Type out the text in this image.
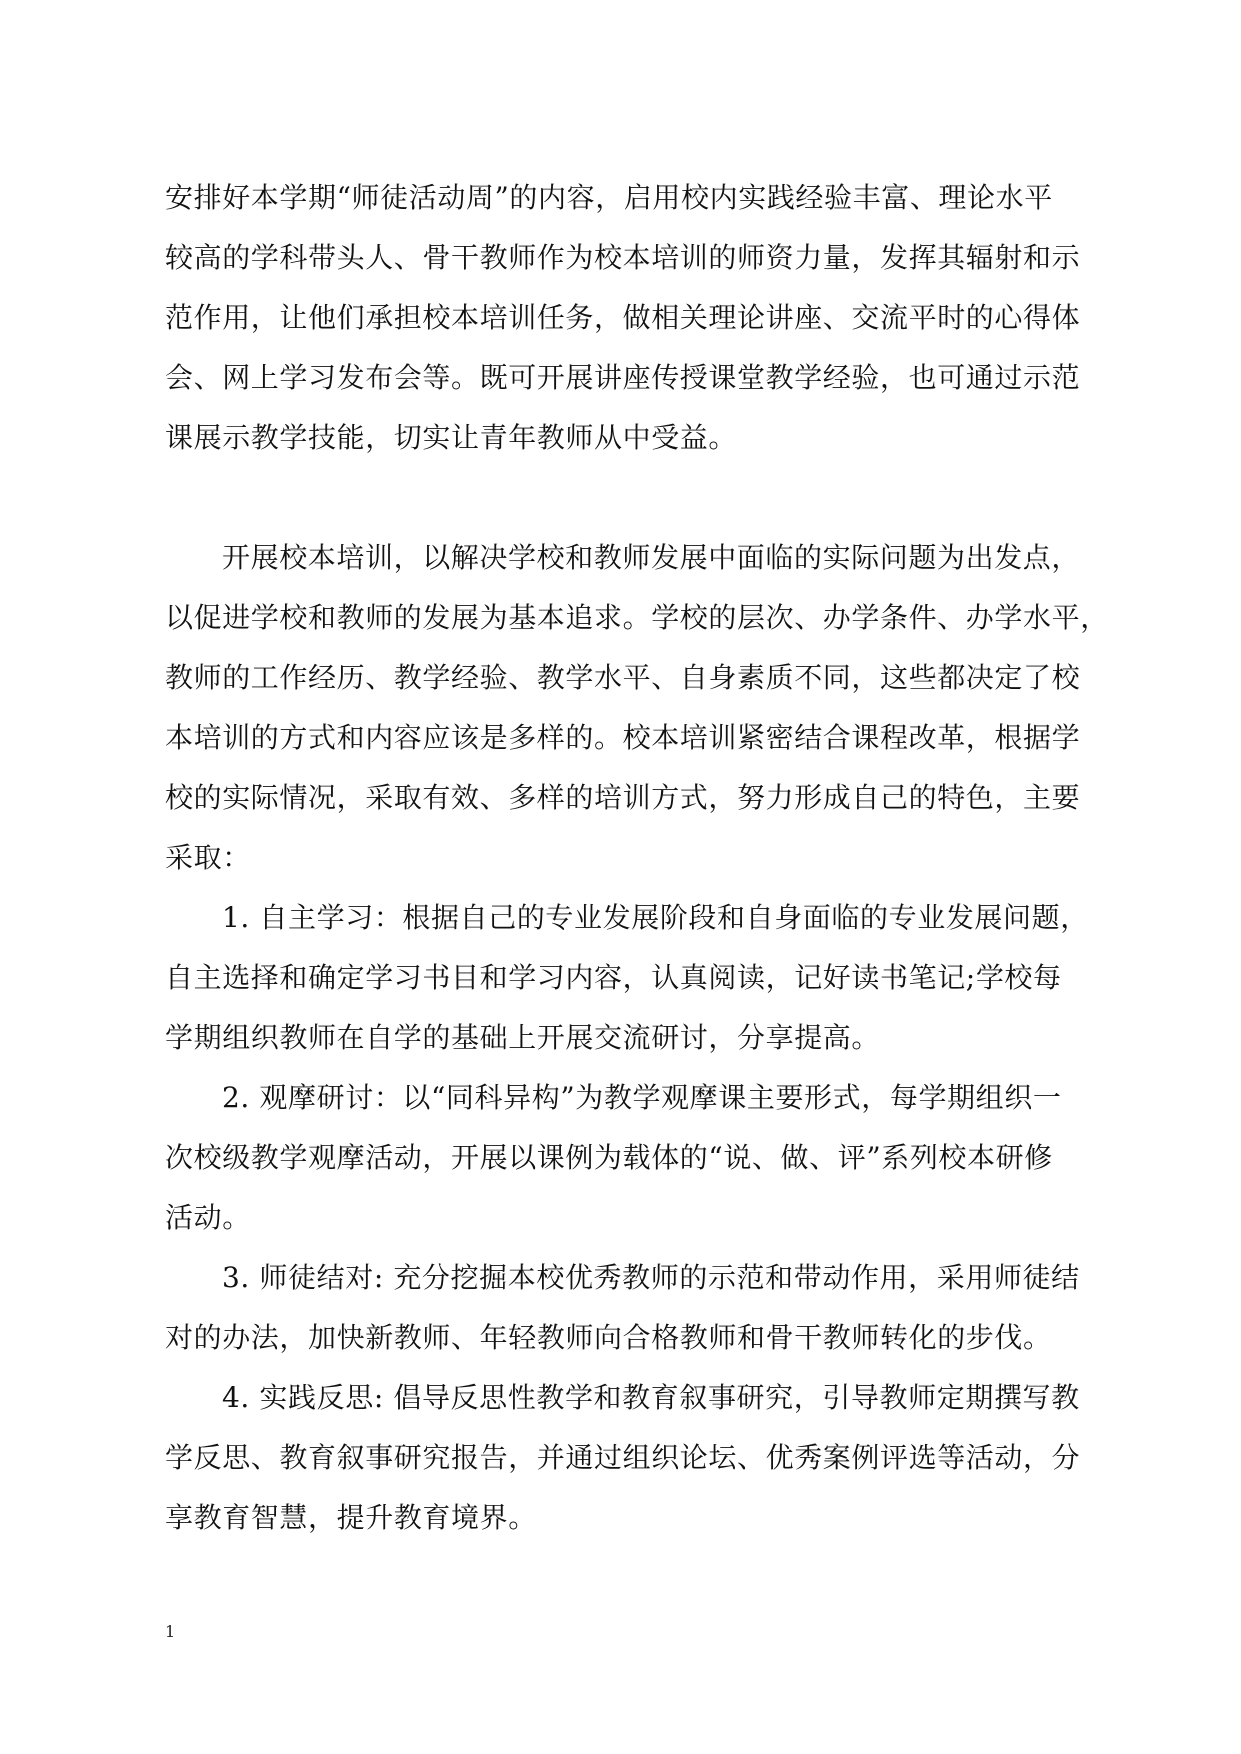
安排好本学期“师徒活动周”的内容，启用校内实践经验丰富、理论水平
较高的学科带头人、骨干教师作为校本培训的师资力量，发挥其辐射和示
范作用，让他们承担校本培训任务，做相关理论讲座、交流平时的心得体
会、网上学习发布会等。既可开展讲座传授课堂教学经验，也可通过示范
课展示教学技能，切实让青年教师从中受益。
开展校本培训，以解决学校和教师发展中面临的实际问题为出发点，
以促进学校和教师的发展为基本追求。学校的层次、办学条件、办学水平，
教师的工作经历、教学经验、教学水平、自身素质不同，这些都决定了校
本培训的方式和内容应该是多样的。校本培训紧密结合课程改革，根据学
校的实际情况，采取有效、多样的培训方式，努力形成自己的特色，主要
采取：
1. 自主学习：根据自己的专业发展阶段和自身面临的专业发展问题，
自主选择和确定学习书目和学习内容，认真阅读，记好读书笔记;学校每
学期组织教师在自学的基础上开展交流研讨，分享提高。
2. 观摩研讨：以“同科异构”为教学观摩课主要形式，每学期组织一
次校级教学观摩活动，开展以课例为载体的“说、做、评”系列校本研修
活动。
3. 师徒结对: 充分挖掘本校优秀教师的示范和带动作用，采用师徒结
对的办法，加快新教师、年轻教师向合格教师和骨干教师转化的步伐。
4. 实践反思: 倡导反思性教学和教育叙事研究，引导教师定期撰写教
学反思、教育叙事研究报告，并通过组织论坛、优秀案例评选等活动，分
享教育智慧，提升教育境界。
1
